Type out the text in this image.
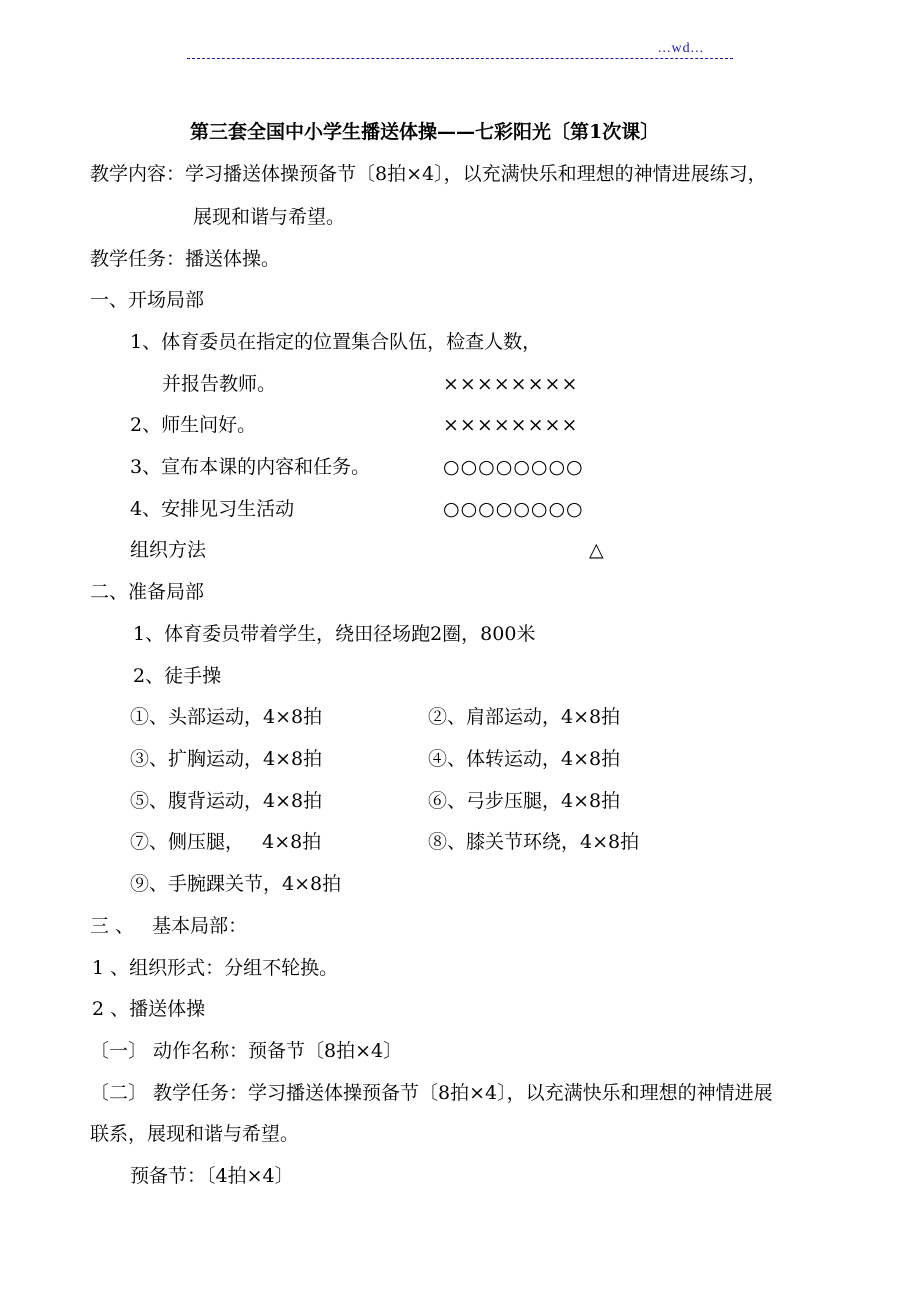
...wd...
第三套全国中小学生播送体操——七彩阳光〔第1次课〕
教学内容：学习播送体操预备节〔8拍×4〕，以充满快乐和理想的神情进展练习，
展现和谐与希望。
教学任务：播送体操。
一、开场局部
1、体育委员在指定的位置集合队伍，检查人数，
并报告教师。
2、师生问好。
3、宣布本课的内容和任务。
4、安排见习生活动
组织方法
××××××××
××××××××
○○○○○○○○
○○○○○○○○
△
二、准备局部
1、体育委员带着学生，绕田径场跑2圈，800米
2、徒手操
①、头部运动，4×8拍	②、肩部运动，4×8拍
③、扩胸运动，4×8拍	④、体转运动，4×8拍
⑤、腹背运动，4×8拍	⑥、弓步压腿，4×8拍
⑦、侧压腿，   4×8拍	⑧、膝关节环绕，4×8拍
⑨、手腕踝关节，4×8拍
三 、   基本局部：
1 、组织形式：分组不轮换。
2 、播送体操
〔一〕 动作名称：预备节〔8拍×4〕
〔二〕 教学任务：学习播送体操预备节〔8拍×4〕，以充满快乐和理想的神情进展
联系，展现和谐与希望。
预备节：〔4拍×4〕
